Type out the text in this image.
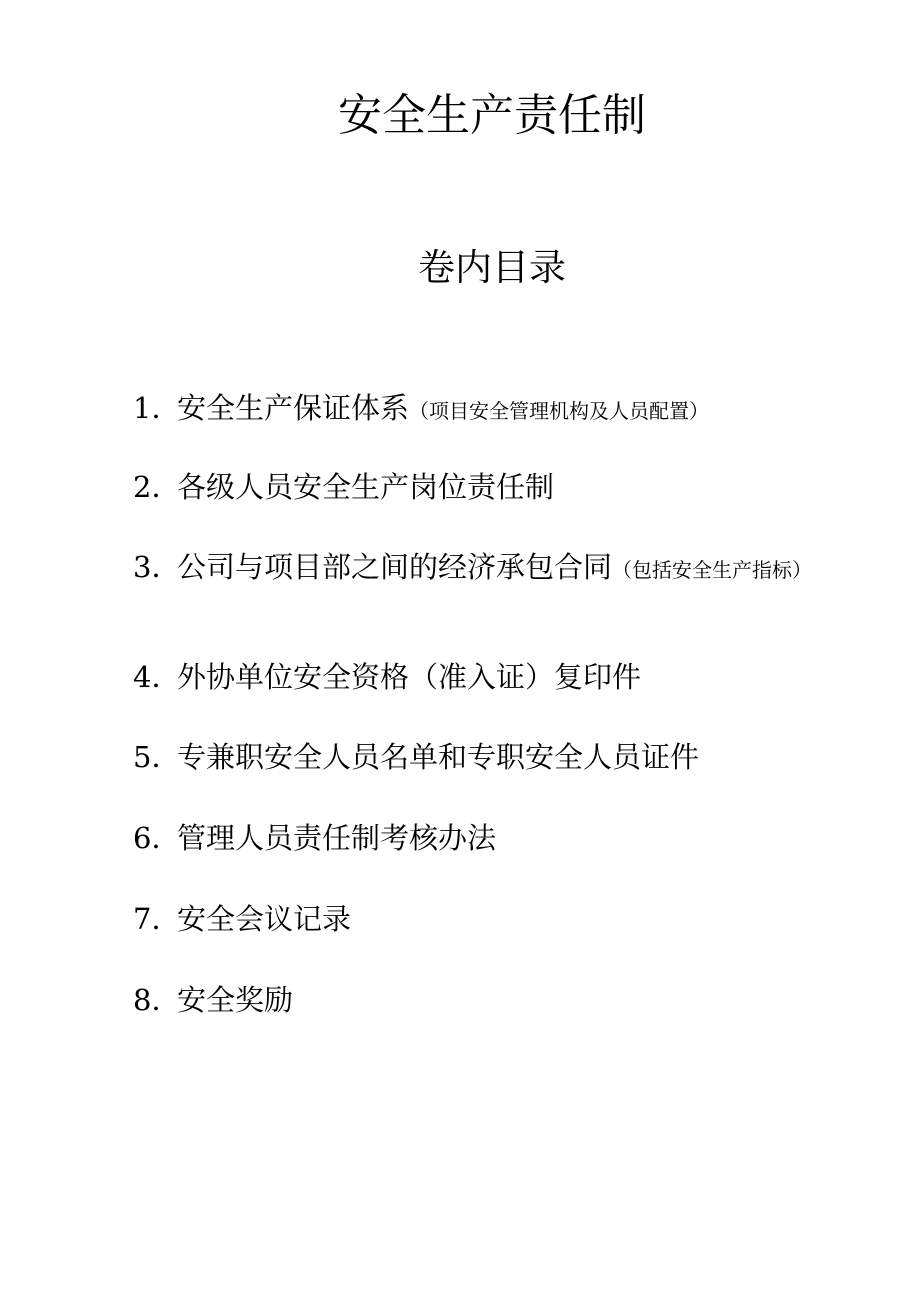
安全生产责任制
卷内目录
1．安全生产保证体系（项目安全管理机构及人员配置）
2．各级人员安全生产岗位责任制
3．公司与项目部之间的经济承包合同（包括安全生产指标）
4．外协单位安全资格（准入证）复印件
5．专兼职安全人员名单和专职安全人员证件
6．管理人员责任制考核办法
7．安全会议记录
8．安全奖励
